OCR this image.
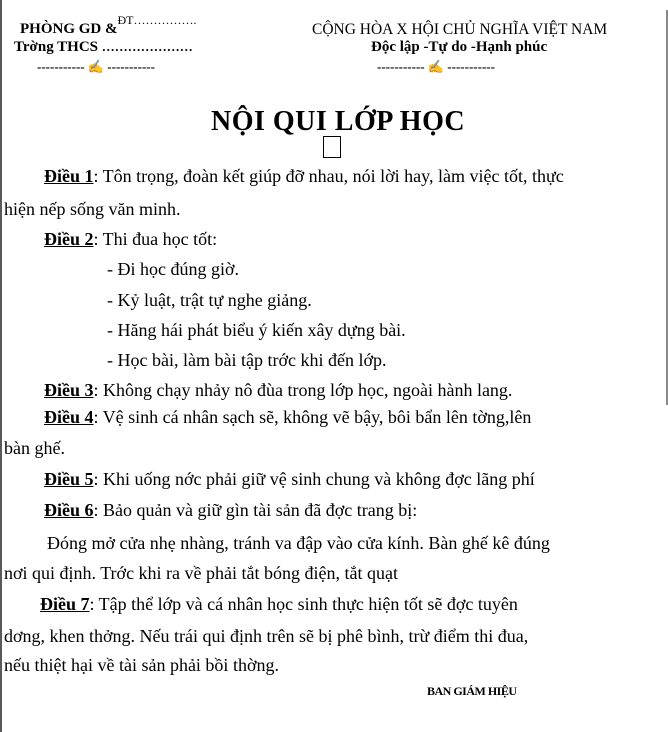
PHÒNG GD &$^{ĐT\dots\dots\dots\dots\dots.}$
Trờng THCS …………………
----------- ✍ -----------
CỘNG HÒA X HỘI CHỦ NGHĨA VIỆT NAM
Độc lập -Tự do -Hạnh phúc
----------- ✍ -----------
NỘI QUI LỚP HỌC
Điều 1: Tôn trọng, đoàn kết giúp đỡ nhau, nói lời hay, làm việc tốt, thực
hiện nếp sống văn minh.
Điều 2: Thi đua học tốt:
- Đi học đúng giờ.
- Kỷ luật, trật tự nghe giảng.
- Hăng hái phát biểu ý kiến xây dựng bài.
- Học bài, làm bài tập trớc khi đến lớp.
Điều 3: Không chạy nhảy nô đùa trong lớp học, ngoài hành lang.
Điều 4: Vệ sinh cá nhân sạch sẽ, không vẽ bậy, bôi bẩn lên tờng,lên
bàn ghế.
Điều 5: Khi uống nớc phải giữ vệ sinh chung và không đợc lãng phí
Điều 6: Bảo quản và giữ gìn tài sản đã đợc trang bị:
Đóng mở cửa nhẹ nhàng, tránh va đập vào cửa kính. Bàn ghế kê đúng
nơi qui định. Trớc khi ra về phải tắt bóng điện, tắt quạt
Điều 7: Tập thể lớp và cá nhân học sinh thực hiện tốt sẽ đợc tuyên
dơng, khen thởng. Nếu trái qui định trên sẽ bị phê bình, trừ điểm thi đua,
nếu thiệt hại về tài sản phải bồi thờng.
BAN GIÁM HIỆU
